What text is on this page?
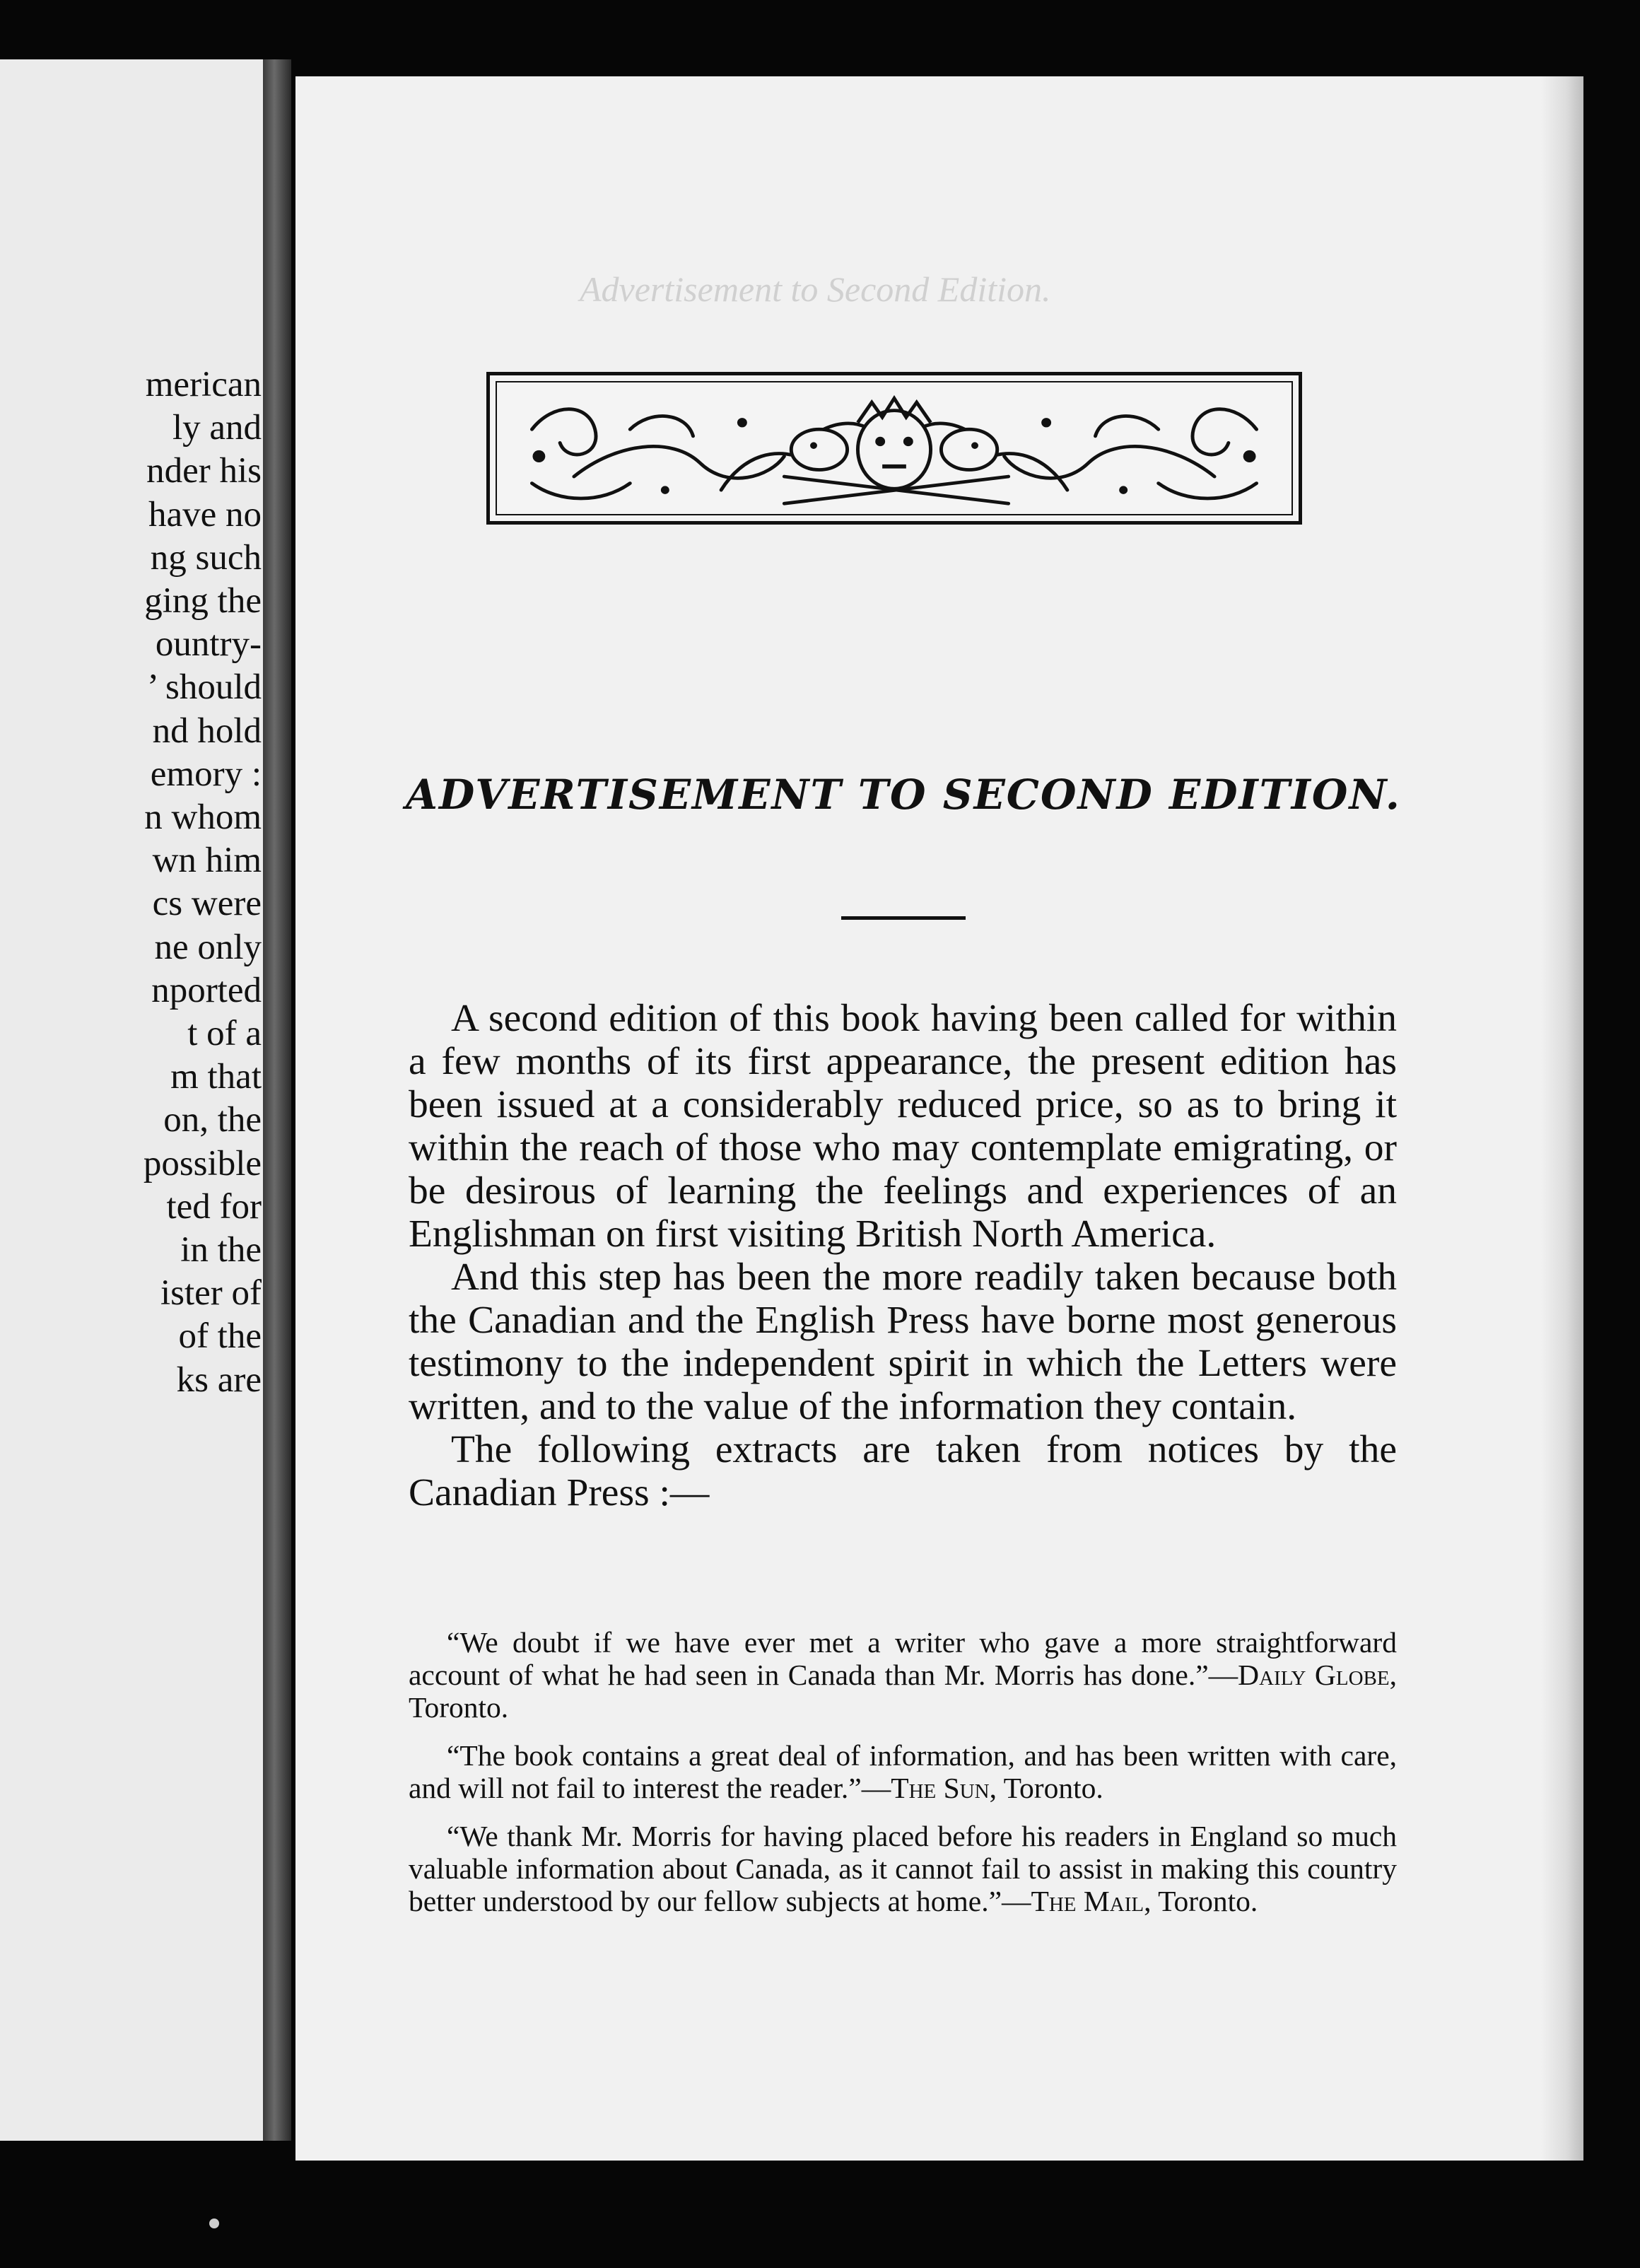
merican
ly and
nder his
have no
ng such
ging the
ountry-
’ should
nd hold
emory :
n whom
wn him
cs were
ne only
nported
t of a
m that
on, the
possible
ted for
in the
ister of
of the
ks are
Advertisement to Second Edition.
ADVERTISEMENT TO SECOND EDITION.

A second edition of this book having been called for within a few months of its first appearance, the present edition has been issued at a considerably reduced price, so as to bring it within the reach of those who may contemplate emigrating, or be desirous of learning the feelings and experiences of an Englishman on first visiting British North America.

And this step has been the more readily taken because both the Canadian and the English Press have borne most generous testimony to the independent spirit in which the Letters were written, and to the value of the information they contain.

The following extracts are taken from notices by the Canadian Press :—

“We doubt if we have ever met a writer who gave a more straightforward account of what he had seen in Canada than Mr. Morris has done.”—Daily Globe, Toronto.

“The book contains a great deal of information, and has been written with care, and will not fail to interest the reader.”—The Sun, Toronto.

“We thank Mr. Morris for having placed before his readers in England so much valuable information about Canada, as it cannot fail to assist in making this country better understood by our fellow subjects at home.”—The Mail, Toronto.
